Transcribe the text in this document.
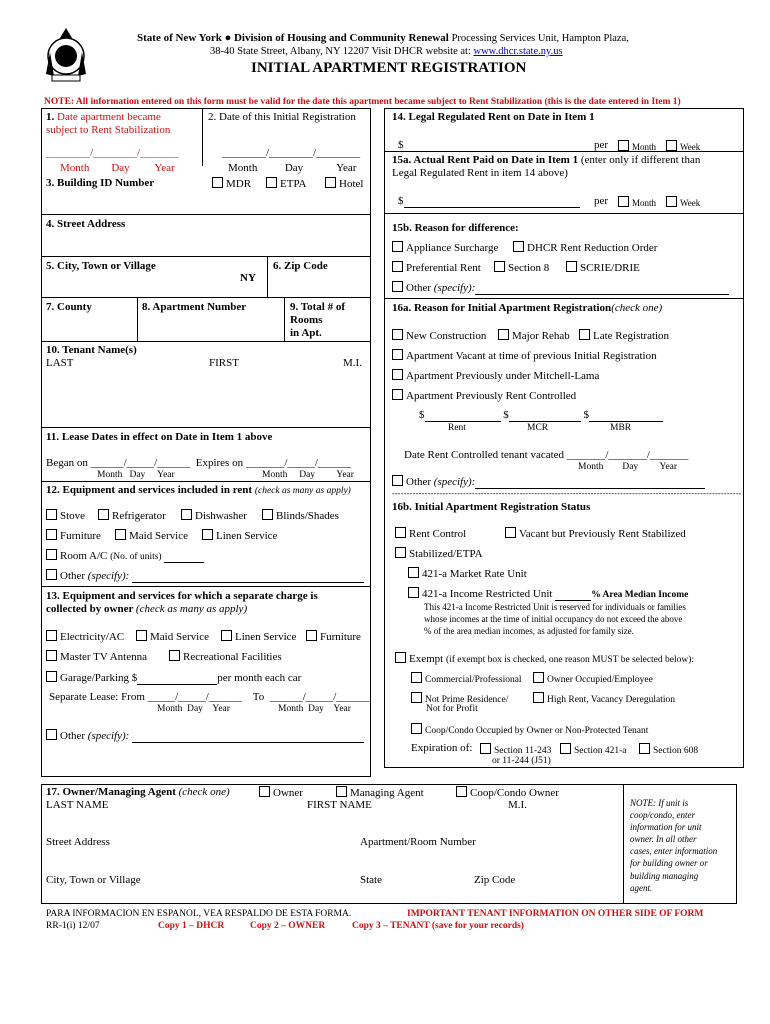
State of New York ● Division of Housing and Community Renewal Processing Services Unit, Hampton Plaza,
38-40 State Street, Albany, NY 12207 Visit DHCR website at: www.dhcr.state.ny.us
INITIAL APARTMENT REGISTRATION
NOTE: All information entered on this form must be valid for the date this apartment became subject to Rent Stabilization (this is the date entered in Item 1)
1. Date apartment became
subject to Rent Stabilization
2. Date of this Initial Registration
________/________/_______
Month Day Year
________/________/________
Month	Day	Year
3. Building ID Number	MDR	ETPA	Hotel
4. Street Address
5. City, Town or Village
NY
6. Zip Code
7. County	8. Apartment Number	9. Total # of
Rooms
in Apt.
10. Tenant Name(s)
LAST	FIRST	M.I.
11. Lease Dates in effect on Date in Item 1 above
Began on ______/_____/______  Expires on _______/_____/______
Month Day Year	Month Day Year
12. Equipment and services included in rent (check as many as apply)
Stove	Refrigerator	Dishwasher	Blinds/Shades
Furniture	Maid Service	Linen Service
Room A/C (No. of units)
Other (specify):
13. Equipment and services for which a separate charge is
collected by owner (check as many as apply)
Electricity/AC	Maid Service	Linen Service	Furniture
Master TV Antenna	Recreational Facilities
Garage/Parking $	per month each car
Separate Lease: From _____/_____/______    To  ______/_____/______
Month Day Year	Month Day Year
Other (specify):
----------------------------------------------------------------------------------------------------------------------
14. Legal Regulated Rent on Date in Item 1
$	per	Month	Week
15a. Actual Rent Paid on Date in Item 1 (enter only if different than
Legal Regulated Rent in item 14 above)
$	per	Month	Week
15b. Reason for difference:
Appliance Surcharge	DHCR Rent Reduction Order
Preferential Rent	Section 8	SCRIE/DRIE
Other (specify):
16a. Reason for Initial Apartment Registration(check one)
New Construction	Major Rehab	Late Registration
Apartment Vacant at time of previous Initial Registration
Apartment Previously under Mitchell-Lama
Apartment Previously Rent Controlled
$	$	$
Rent	MCR	MBR
Date Rent Controlled tenant vacated _______/_______/_______
Month Day Year
Other (specify):
16b. Initial Apartment Registration Status
Rent Control	Vacant but Previously Rent Stabilized
Stabilized/ETPA
421-a Market Rate Unit
421-a Income Restricted Unit	% Area Median Income
This 421-a Income Restricted Unit is reserved for individuals or families
whose incomes at the time of initial occupancy do not exceed the above
% of the area median incomes, as adjusted for family size.
Exempt (if exempt box is checked, one reason MUST be selected below):
Commercial/Professional	Owner Occupied/Employee
Not Prime Residence/
Not for Profit
High Rent, Vacancy Deregulation
Coop/Condo Occupied by Owner or Non-Protected Tenant
Expiration of:	Section 11-243	Section 421-a	Section 608
or 11-244 (J51)
17. Owner/Managing Agent (check one)	Owner	Managing Agent	Coop/Condo Owner
LAST NAME	FIRST NAME	M.I.
Street Address	Apartment/Room Number
City, Town or Village	State	Zip Code
NOTE: If unit is
coop/condo, enter
information for unit
owner. In all other
cases, enter information
for building owner or
building managing
agent.
PARA INFORMACION EN ESPANOL, VEA RESPALDO DE ESTA FORMA.	IMPORTANT TENANT INFORMATION ON OTHER SIDE OF FORM
RR-1(i) 12/07	Copy 1 – DHCR	Copy 2 – OWNER	Copy 3 – TENANT (save for your records)
